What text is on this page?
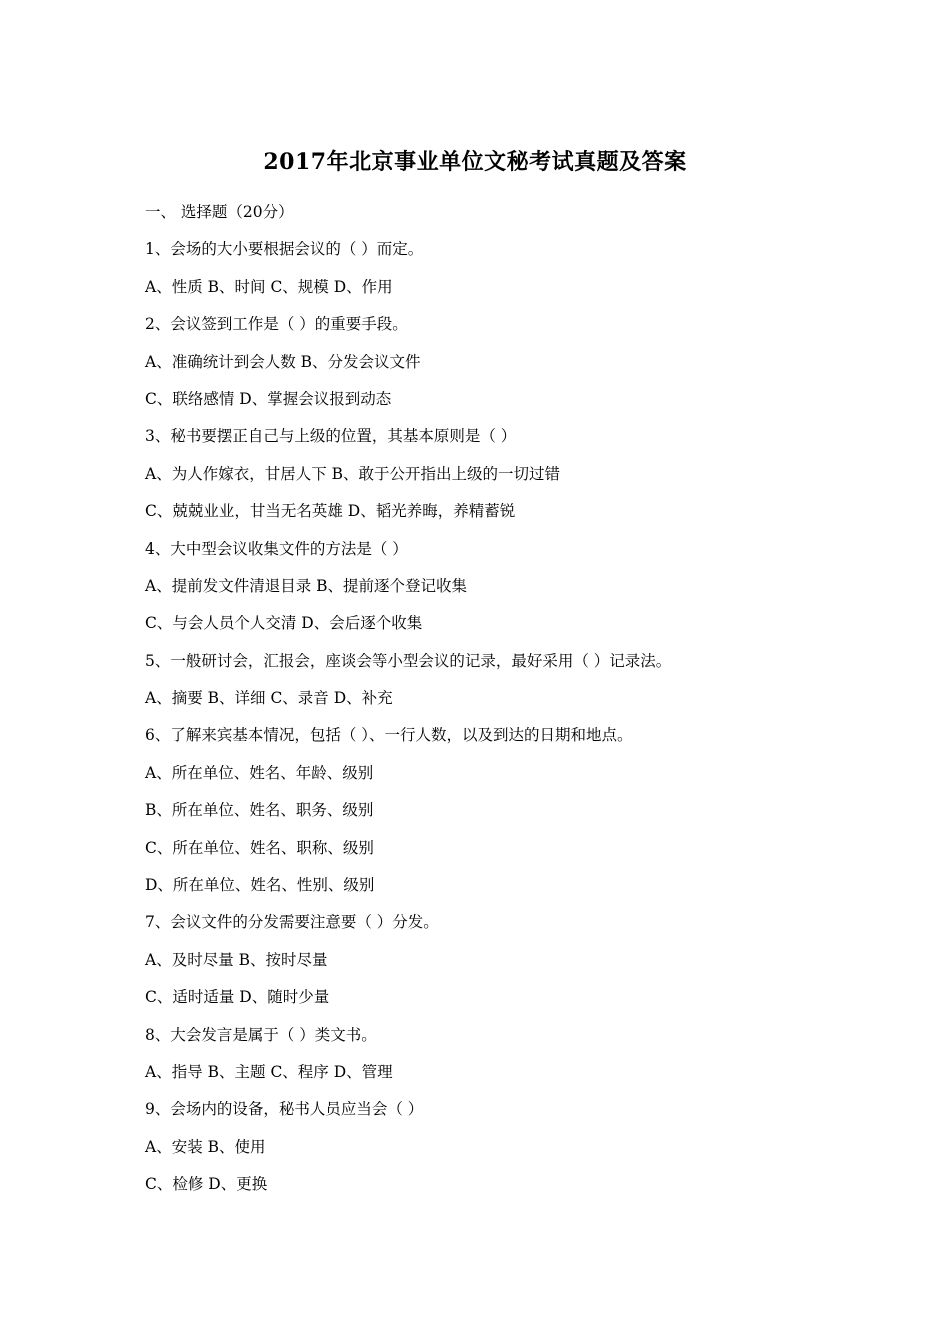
2017年北京事业单位文秘考试真题及答案
一、 选择题（20分）
1、会场的大小要根据会议的（ ）而定。
A、性质 B、时间 C、规模 D、作用
2、会议签到工作是（ ）的重要手段。
A、准确统计到会人数 B、分发会议文件
C、联络感情 D、掌握会议报到动态
3、秘书要摆正自己与上级的位置，其基本原则是（ ）
A、为人作嫁衣，甘居人下 B、敢于公开指出上级的一切过错
C、兢兢业业，甘当无名英雄 D、韬光养晦，养精蓄锐
4、大中型会议收集文件的方法是（ ）
A、提前发文件清退目录 B、提前逐个登记收集
C、与会人员个人交清 D、会后逐个收集
5、一般研讨会，汇报会，座谈会等小型会议的记录，最好采用（ ）记录法。
A、摘要 B、详细 C、录音 D、补充
6、了解来宾基本情况，包括（ ）、一行人数，以及到达的日期和地点。
A、所在单位、姓名、年龄、级别
B、所在单位、姓名、职务、级别
C、所在单位、姓名、职称、级别
D、所在单位、姓名、性别、级别
7、会议文件的分发需要注意要（ ）分发。
A、及时尽量 B、按时尽量
C、适时适量 D、随时少量
8、大会发言是属于（ ）类文书。
A、指导 B、主题 C、程序 D、管理
9、会场内的设备，秘书人员应当会（ ）
A、安装 B、使用
C、检修 D、更换
